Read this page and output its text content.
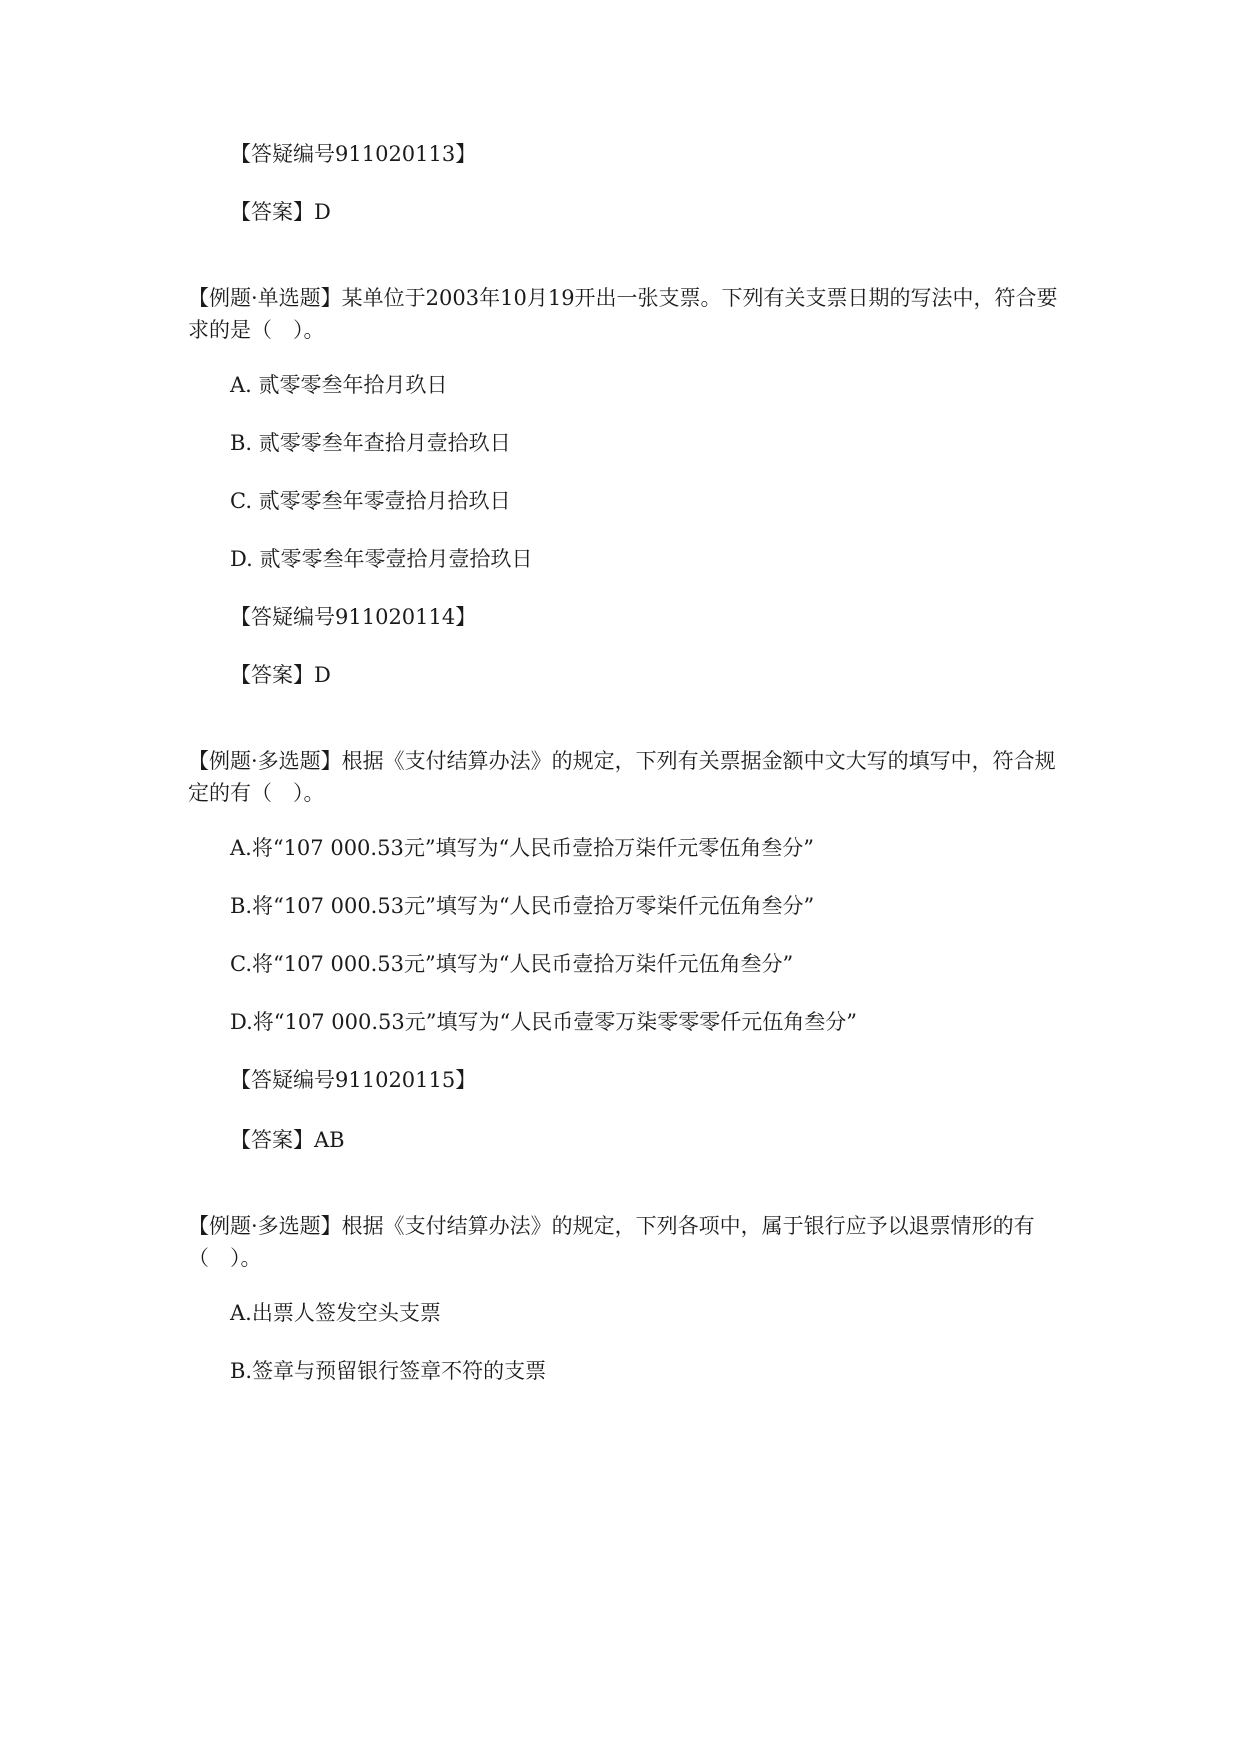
【答疑编号911020113】

【答案】D

【例题·单选题】某单位于2003年10月19开出一张支票。下列有关支票日期的写法中，符合要求的是（　）。

A. 贰零零叁年拾月玖日

B. 贰零零叁年查拾月壹拾玖日

C. 贰零零叁年零壹拾月拾玖日

D. 贰零零叁年零壹拾月壹拾玖日

【答疑编号911020114】

【答案】D

【例题·多选题】根据《支付结算办法》的规定，下列有关票据金额中文大写的填写中，符合规定的有（　）。

A.将“107 000.53元”填写为“人民币壹拾万柒仟元零伍角叁分”

B.将“107 000.53元”填写为“人民币壹拾万零柒仟元伍角叁分”

C.将“107 000.53元”填写为“人民币壹拾万柒仟元伍角叁分”

D.将“107 000.53元”填写为“人民币壹零万柒零零零仟元伍角叁分”

【答疑编号911020115】

【答案】AB

【例题·多选题】根据《支付结算办法》的规定，下列各项中，属于银行应予以退票情形的有（　）。

A.出票人签发空头支票

B.签章与预留银行签章不符的支票
